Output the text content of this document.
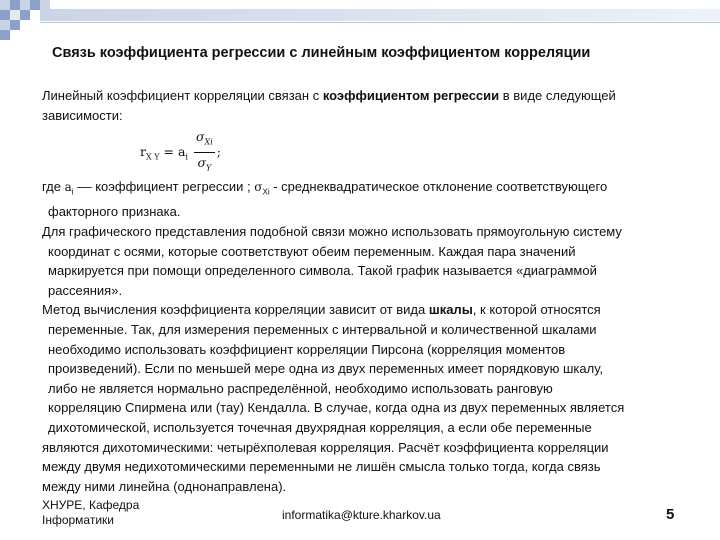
Связь коэффициента регрессии с линейным коэффициентом корреляции

Линейный коэффициент корреляции связан с коэффициентом регрессии в виде следующей зависимости:

$r_{X Y} = a_i \frac{\sigma_{Xi}}{\sigma_Y}$ ;

где $a_i$ –– коэффициент регрессии ; $\sigma_{Xi}$ - среднеквадратическое отклонение соответствующего

факторного признака.

Для графического представления подобной связи можно использовать прямоугольную систему

координат с осями, которые соответствуют обеим переменным. Каждая пара значений

маркируется при помощи определенного символа. Такой график называется «диаграммой

рассеяния».

Метод вычисления коэффициента корреляции зависит от вида шкалы, к которой относятся

переменные. Так, для измерения переменных с интервальной и количественной шкалами

необходимо использовать коэффициент корреляции Пирсона (корреляция моментов

произведений). Если по меньшей мере одна из двух переменных имеет порядковую шкалу,

либо не является нормально распределённой, необходимо использовать ранговую

корреляцию Спирмена или (тау) Кендалла. В случае, когда одна из двух переменных является

дихотомической, используется точечная двухрядная корреляция, а если обе переменные

являются дихотомическими: четырёхполевая корреляция. Расчёт коэффициента корреляции

между двумя недихотомическими переменными не лишён смысла только тогда, когда связь

между ними линейна (однонаправлена).

ХНУРЕ, Кафедра
Інформатики	informatika@kture.kharkov.ua	5
